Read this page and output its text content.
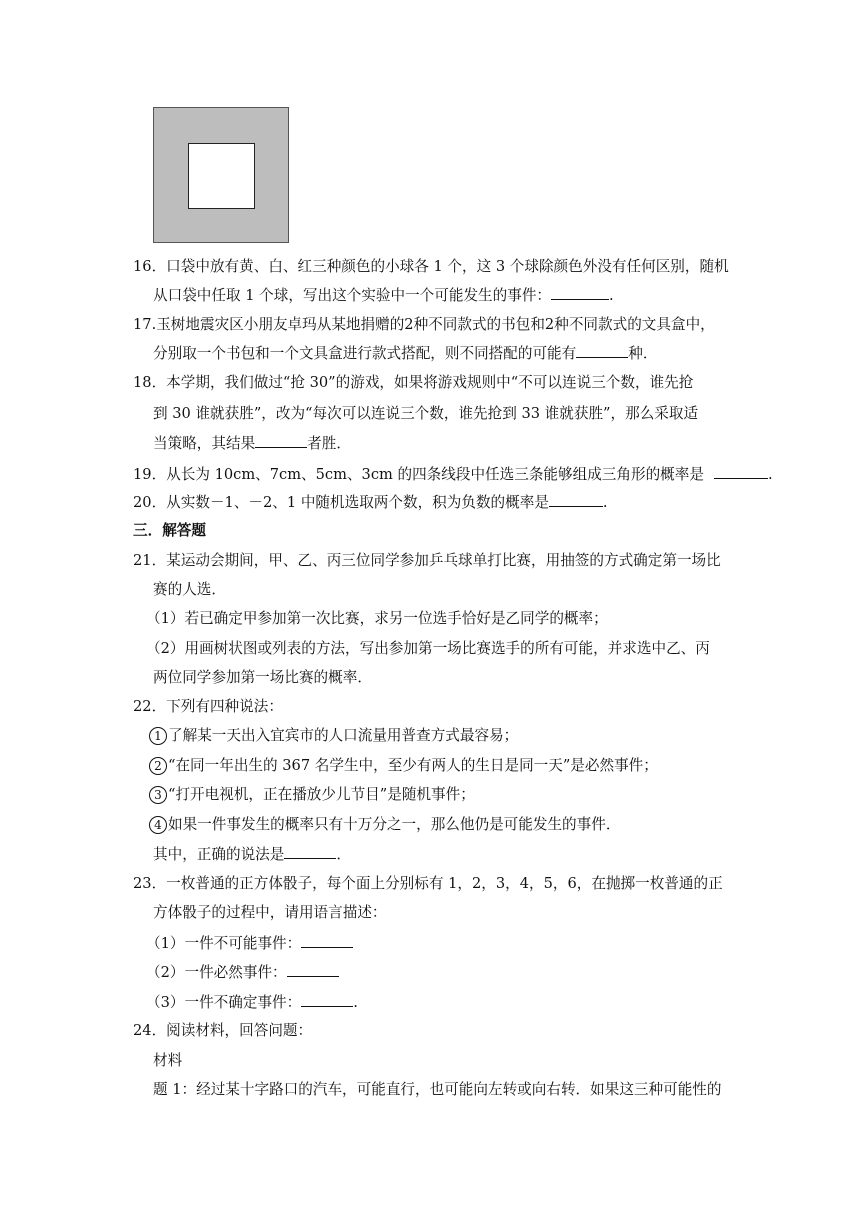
16．口袋中放有黄、白、红三种颜色的小球各 1 个，这 3 个球除颜色外没有任何区别，随机
从口袋中任取 1 个球，写出这个实验中一个可能发生的事件：	.
17.玉树地震灾区小朋友卓玛从某地捐赠的2种不同款式的书包和2种不同款式的文具盒中，
分别取一个书包和一个文具盒进行款式搭配，则不同搭配的可能有	种．
18．本学期，我们做过“抢 30”的游戏，如果将游戏规则中“不可以连说三个数，谁先抢
到 30 谁就获胜”，改为“每次可以连说三个数，谁先抢到 33 谁就获胜”，那么采取适
当策略，其结果	者胜．
19．从长为 10cm、7cm、5cm、3cm 的四条线段中任选三条能够组成三角形的概率是	.
20．从实数－1、－2、1 中随机选取两个数，积为负数的概率是	.
三．解答题
21．某运动会期间，甲、乙、丙三位同学参加乒乓球单打比赛，用抽签的方式确定第一场比
赛的人选．
（1）若已确定甲参加第一次比赛，求另一位选手恰好是乙同学的概率；
（2）用画树状图或列表的方法，写出参加第一场比赛选手的所有可能，并求选中乙、丙
两位同学参加第一场比赛的概率．
22．下列有四种说法：
1 了解某一天出入宜宾市的人口流量用普查方式最容易；
2 “在同一年出生的 367 名学生中，至少有两人的生日是同一天”是必然事件；
3 “打开电视机，正在播放少儿节目”是随机事件；
4 如果一件事发生的概率只有十万分之一，那么他仍是可能发生的事件．
其中，正确的说法是	．
23．一枚普通的正方体骰子，每个面上分别标有 1，2，3，4，5，6，在抛掷一枚普通的正
方体骰子的过程中，请用语言描述：
（1）一件不可能事件：
（2）一件必然事件：
（3）一件不确定事件：	.
24．阅读材料，回答问题：
材料
题 1：经过某十字路口的汽车，可能直行，也可能向左转或向右转．如果这三种可能性的
